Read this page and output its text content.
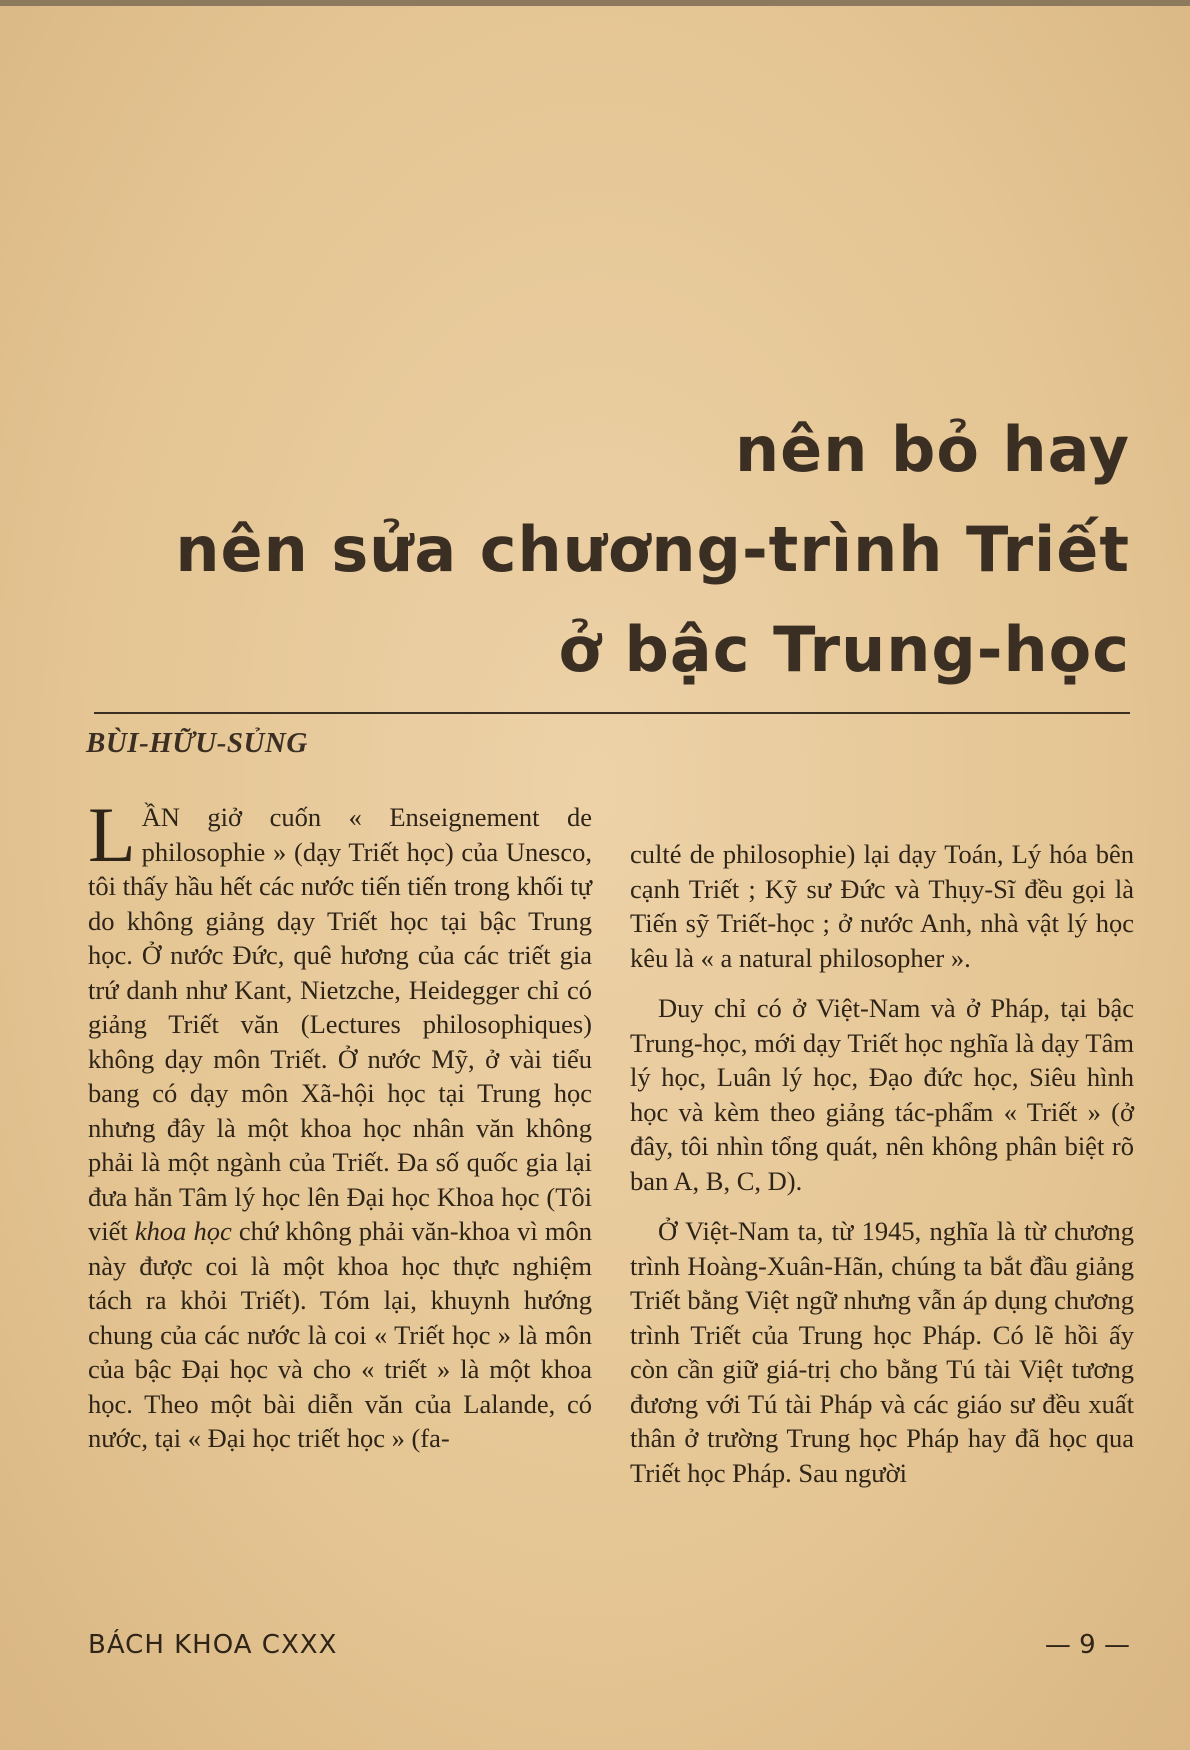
nên bỏ hay
nên sửa chương-trình Triết
ở bậc Trung-học
BÙI-HỮU-SỦNG

LẦN giở cuốn « Enseignement de philosophie » (dạy Triết học) của Unesco, tôi thấy hầu hết các nước tiến tiến trong khối tự do không giảng dạy Triết học tại bậc Trung học. Ở nước Đức, quê hương của các triết gia trứ danh như Kant, Nietzche, Heidegger chỉ có giảng Triết văn (Lectures philosophiques) không dạy môn Triết. Ở nước Mỹ, ở vài tiểu bang có dạy môn Xã-hội học tại Trung học nhưng đây là một khoa học nhân văn không phải là một ngành của Triết. Đa số quốc gia lại đưa hẳn Tâm lý học lên Đại học Khoa học (Tôi viết khoa học chứ không phải văn-khoa vì môn này được coi là một khoa học thực nghiệm tách ra khỏi Triết). Tóm lại, khuynh hướng chung của các nước là coi « Triết học » là môn của bậc Đại học và cho « triết » là một khoa học. Theo một bài diễn văn của Lalande, có nước, tại « Đại học triết học » (fa-

culté de philosophie) lại dạy Toán, Lý hóa bên cạnh Triết ; Kỹ sư Đức và Thụy-Sĩ đều gọi là Tiến sỹ Triết-học ; ở nước Anh, nhà vật lý học kêu là « a natural philosopher ».

Duy chỉ có ở Việt-Nam và ở Pháp, tại bậc Trung-học, mới dạy Triết học nghĩa là dạy Tâm lý học, Luân lý học, Đạo đức học, Siêu hình học và kèm theo giảng tác-phẩm « Triết » (ở đây, tôi nhìn tổng quát, nên không phân biệt rõ ban A, B, C, D).

Ở Việt-Nam ta, từ 1945, nghĩa là từ chương trình Hoàng-Xuân-Hãn, chúng ta bắt đầu giảng Triết bằng Việt ngữ nhưng vẫn áp dụng chương trình Triết của Trung học Pháp. Có lẽ hồi ấy còn cần giữ giá-trị cho bằng Tú tài Việt tương đương với Tú tài Pháp và các giáo sư đều xuất thân ở trường Trung học Pháp hay đã học qua Triết học Pháp. Sau người

BÁCH KHOA CXXX	— 9 —
